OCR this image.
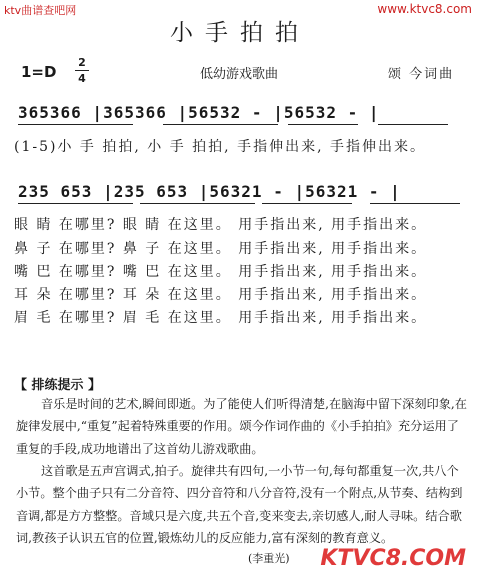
ktv曲谱查吧网	www.ktvc8.com
小手拍拍
1=D
2
4	低幼游戏歌曲	颂 今词曲
365366 |365366 |56532 - |56532 - |
(1-5)小 手 拍拍, 小 手 拍拍, 手指伸出来, 手指伸出来。
235 653 |235 653 |56321 - |56321 - |
眼 睛 在哪里? 眼 睛 在这里。 用手指出来, 用手指出来。
鼻 子 在哪里? 鼻 子 在这里。 用手指出来, 用手指出来。
嘴 巴 在哪里? 嘴 巴 在这里。 用手指出来, 用手指出来。
耳 朵 在哪里? 耳 朵 在这里。 用手指出来, 用手指出来。
眉 毛 在哪里? 眉 毛 在这里。 用手指出来, 用手指出来。
【 排练提示 】
音乐是时间的艺术,瞬间即逝。为了能使人们听得清楚,在脑海中留下深刻印象,在旋律发展中,“重复”起着特殊重要的作用。颂今作词作曲的《小手拍拍》充分运用了重复的手段,成功地谱出了这首幼儿游戏歌曲。
这首歌是五声宫调式,拍子。旋律共有四句,一小节一句,每句都重复一次,共八个小节。整个曲子只有二分音符、四分音符和八分音符,没有一个附点,从节奏、结构到音调,都是方方整整。音域只是六度,共五个音,变来变去,亲切感人,耐人寻味。结合歌词,教孩子认识五官的位置,锻炼幼儿的反应能力,富有深刻的教育意义。
(李重光) KTVC8.COM
